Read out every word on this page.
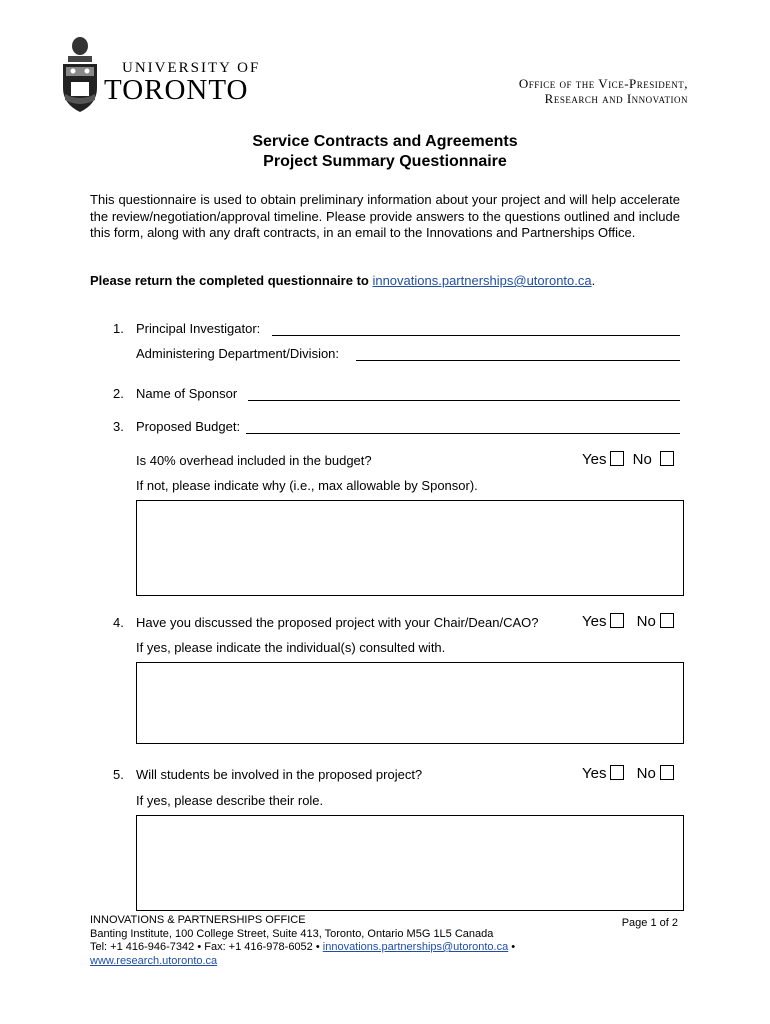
UNIVERSITY OF
TORONTO	Office of the Vice-President,
Research and Innovation
Service Contracts and Agreements
Project Summary Questionnaire
This questionnaire is used to obtain preliminary information about your project and will help accelerate the review/negotiation/approval timeline. Please provide answers to the questions outlined and include this form, along with any draft contracts, in an email to the Innovations and Partnerships Office.
Please return the completed questionnaire to innovations.partnerships@utoronto.ca.
1. Principal Investigator:
Administering Department/Division:
2. Name of Sponsor
3. Proposed Budget:
Is 40% overhead included in the budget?	Yes No
If not, please indicate why (i.e., max allowable by Sponsor).
4. Have you discussed the proposed project with your Chair/Dean/CAO?	Yes No
If yes, please indicate the individual(s) consulted with.
5. Will students be involved in the proposed project?	Yes No
If yes, please describe their role.
INNOVATIONS & PARTNERSHIPS OFFICE
Banting Institute, 100 College Street, Suite 413, Toronto, Ontario M5G 1L5 Canada
Tel: +1 416-946-7342 • Fax: +1 416-978-6052 • innovations.partnerships@utoronto.ca •
www.research.utoronto.ca
Page 1 of 2
